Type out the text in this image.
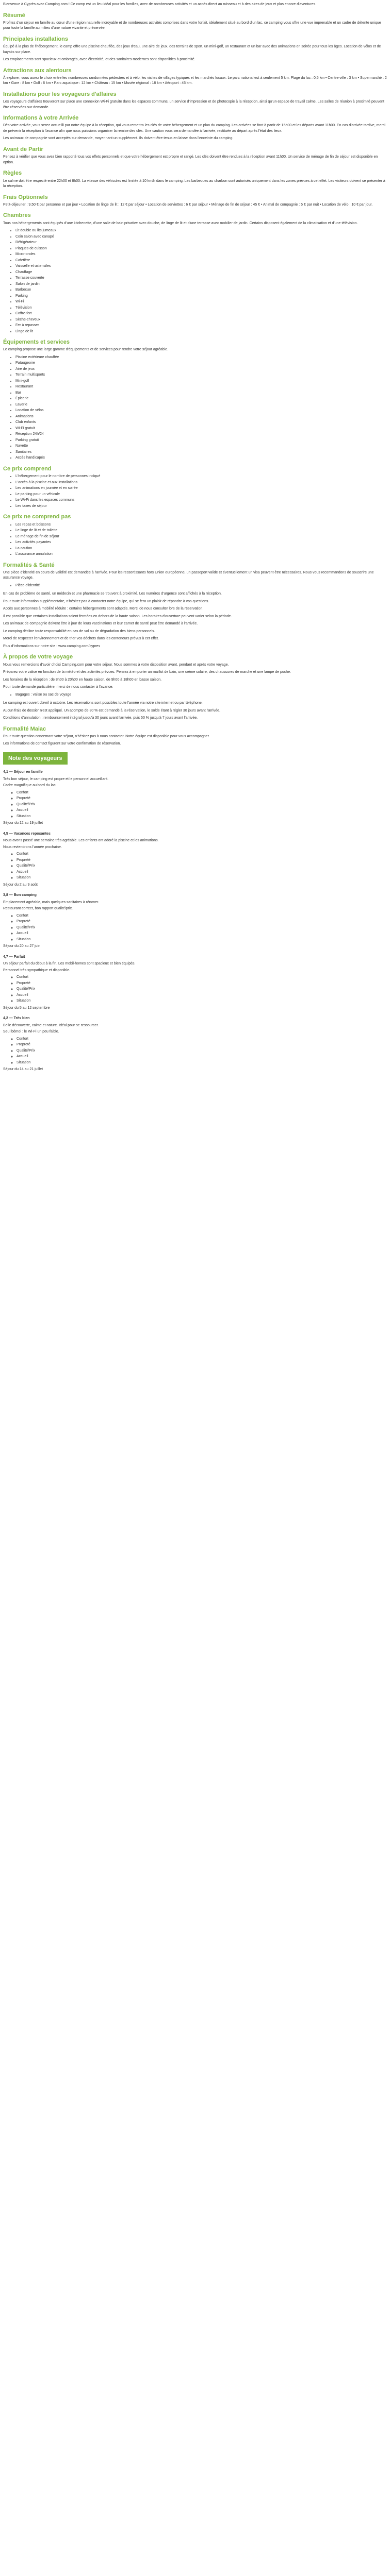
Bienvenue à Cyprès avec Camping.com ! Ce camp est un lieu idéal pour les familles, avec de nombreuses activités et un accès direct au ruisseau et à des aires de jeux et plus encore d'aventures.

Résumé

Profitez d'un séjour en famille au cœur d'une région naturelle incroyable et de nombreuses activités comprises dans votre forfait, idéalement situé au bord d'un lac, ce camping vous offre une vue imprenable et un cadre de détente unique pour toute la famille au milieu d'une nature vivante et préservée.

Principales installations

Équipé à la plus de l'hébergement, le camp offre une piscine chauffée, des jeux d'eau, une aire de jeux, des terrains de sport, un mini-golf, un restaurant et un bar avec des animations en soirée pour tous les âges. Location de vélos et de kayaks sur place.

Les emplacements sont spacieux et ombragés, avec électricité, et des sanitaires modernes sont disponibles à proximité.

Attractions aux alentours

À explorer, vous aurez le choix entre les nombreuses randonnées pédestres et à vélo, les visites de villages typiques et les marchés locaux. Le parc national est à seulement 5 km. Plage du lac : 0,5 km • Centre-ville : 3 km • Supermarché : 2 km • Gare : 8 km • Golf : 6 km • Parc aquatique : 12 km • Château : 15 km • Musée régional : 18 km • Aéroport : 45 km.

Installations pour les voyageurs d'affaires

Les voyageurs d'affaires trouveront sur place une connexion Wi-Fi gratuite dans les espaces communs, un service d'impression et de photocopie à la réception, ainsi qu'un espace de travail calme. Les salles de réunion à proximité peuvent être réservées sur demande.

Informations à votre Arrivée

Dès votre arrivée, vous serez accueilli par notre équipe à la réception, qui vous remettra les clés de votre hébergement et un plan du camping. Les arrivées se font à partir de 15h00 et les départs avant 11h00. En cas d'arrivée tardive, merci de prévenir la réception à l'avance afin que nous puissions organiser la remise des clés. Une caution vous sera demandée à l'arrivée, restituée au départ après l'état des lieux.

Les animaux de compagnie sont acceptés sur demande, moyennant un supplément. Ils doivent être tenus en laisse dans l'enceinte du camping.

Avant de Partir

Pensez à vérifier que vous avez bien rapporté tous vos effets personnels et que votre hébergement est propre et rangé. Les clés doivent être rendues à la réception avant 11h00. Un service de ménage de fin de séjour est disponible en option.

Règles

Le calme doit être respecté entre 22h00 et 8h00. La vitesse des véhicules est limitée à 10 km/h dans le camping. Les barbecues au charbon sont autorisés uniquement dans les zones prévues à cet effet. Les visiteurs doivent se présenter à la réception.

Frais Optionnels

Petit-déjeuner : 9,50 € par personne et par jour • Location de linge de lit : 12 € par séjour • Location de serviettes : 6 € par séjour • Ménage de fin de séjour : 45 € • Animal de compagnie : 5 € par nuit • Location de vélo : 10 € par jour.

Chambres

Tous nos hébergements sont équipés d'une kitchenette, d'une salle de bain privative avec douche, de linge de lit et d'une terrasse avec mobilier de jardin. Certains disposent également de la climatisation et d'une télévision.

• Lit double ou lits jumeaux
• Coin salon avec canapé
• Réfrigérateur
• Plaques de cuisson
• Micro-ondes
• Cafetière
• Vaisselle et ustensiles
• Chauffage
• Terrasse couverte
• Salon de jardin
• Barbecue
• Parking
• Wi-Fi
• Télévision
• Coffre-fort
• Sèche-cheveux
• Fer à repasser
• Linge de lit
Équipements et services

Le camping propose une large gamme d'équipements et de services pour rendre votre séjour agréable.

• Piscine extérieure chauffée
• Pataugeoire
• Aire de jeux
• Terrain multisports
• Mini-golf
• Restaurant
• Bar
• Épicerie
• Laverie
• Location de vélos
• Animations
• Club enfants
• Wi-Fi gratuit
• Réception 24h/24
• Parking gratuit
• Navette
• Sanitaires
• Accès handicapés
Ce prix comprend
• L'hébergement pour le nombre de personnes indiqué
• L'accès à la piscine et aux installations
• Les animations en journée et en soirée
• Le parking pour un véhicule
• Le Wi-Fi dans les espaces communs
• Les taxes de séjour
Ce prix ne comprend pas
• Les repas et boissons
• Le linge de lit et de toilette
• Le ménage de fin de séjour
• Les activités payantes
• La caution
• L'assurance annulation
Formalités & Santé

Une pièce d'identité en cours de validité est demandée à l'arrivée. Pour les ressortissants hors Union européenne, un passeport valide et éventuellement un visa peuvent être nécessaires. Nous vous recommandons de souscrire une assurance voyage.

• Pièce d'identité

En cas de problème de santé, un médecin et une pharmacie se trouvent à proximité. Les numéros d'urgence sont affichés à la réception.

Pour toute information supplémentaire, n'hésitez pas à contacter notre équipe, qui se fera un plaisir de répondre à vos questions.

Accès aux personnes à mobilité réduite : certains hébergements sont adaptés. Merci de nous consulter lors de la réservation.

Il est possible que certaines installations soient fermées en dehors de la haute saison. Les horaires d'ouverture peuvent varier selon la période.

Les animaux de compagnie doivent être à jour de leurs vaccinations et leur carnet de santé peut être demandé à l'arrivée.

Le camping décline toute responsabilité en cas de vol ou de dégradation des biens personnels.

Merci de respecter l'environnement et de trier vos déchets dans les conteneurs prévus à cet effet.

Plus d'informations sur notre site : www.camping.com/cypres

À propos de votre voyage

Nous vous remercions d'avoir choisi Camping.com pour votre séjour. Nous sommes à votre disposition avant, pendant et après votre voyage.

Préparez votre valise en fonction de la météo et des activités prévues. Pensez à emporter un maillot de bain, une crème solaire, des chaussures de marche et une lampe de poche.

Les horaires de la réception : de 8h00 à 20h00 en haute saison, de 9h00 à 18h00 en basse saison.

Pour toute demande particulière, merci de nous contacter à l'avance.

• Bagages : valise ou sac de voyage

Le camping est ouvert d'avril à octobre. Les réservations sont possibles toute l'année via notre site internet ou par téléphone.

Aucun frais de dossier n'est appliqué. Un acompte de 30 % est demandé à la réservation, le solde étant à régler 30 jours avant l'arrivée.

Conditions d'annulation : remboursement intégral jusqu'à 30 jours avant l'arrivée, puis 50 % jusqu'à 7 jours avant l'arrivée.

Formalité Maiac

Pour toute question concernant votre séjour, n'hésitez pas à nous contacter. Notre équipe est disponible pour vous accompagner.

Les informations de contact figurent sur votre confirmation de réservation.

Note des voyageurs
4,1 — Séjour en famille
Très bon séjour, le camping est propre et le personnel accueillant.
Cadre magnifique au bord du lac.
◦ Confort
◦ Propreté
◦ Qualité/Prix
◦ Accueil
◦ Situation
Séjour du 12 au 19 juillet
4,5 — Vacances reposantes
Nous avons passé une semaine très agréable. Les enfants ont adoré la piscine et les animations.
Nous reviendrons l'année prochaine.
◦ Confort
◦ Propreté
◦ Qualité/Prix
◦ Accueil
◦ Situation
Séjour du 2 au 9 août
3,8 — Bon camping
Emplacement agréable, mais quelques sanitaires à rénover.
Restaurant correct, bon rapport qualité/prix.
◦ Confort
◦ Propreté
◦ Qualité/Prix
◦ Accueil
◦ Situation
Séjour du 20 au 27 juin
4,7 — Parfait
Un séjour parfait du début à la fin. Les mobil-homes sont spacieux et bien équipés.
Personnel très sympathique et disponible.
◦ Confort
◦ Propreté
◦ Qualité/Prix
◦ Accueil
◦ Situation
Séjour du 5 au 12 septembre
4,2 — Très bien
Belle découverte, calme et nature. Idéal pour se ressourcer.
Seul bémol : le Wi-Fi un peu faible.
◦ Confort
◦ Propreté
◦ Qualité/Prix
◦ Accueil
◦ Situation
Séjour du 14 au 21 juillet
